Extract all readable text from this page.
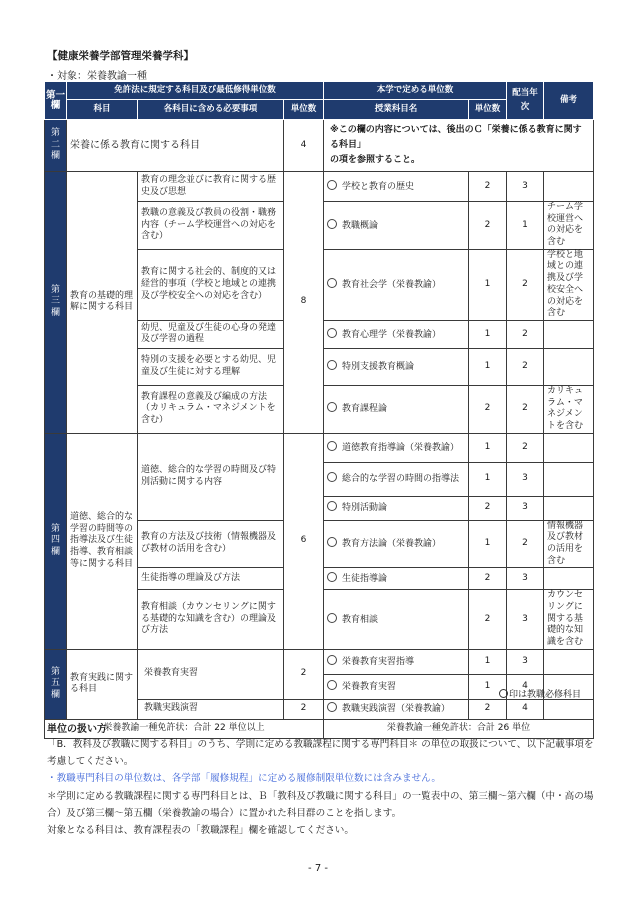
【健康栄養学部管理栄養学科】
・対象：栄養教諭一種
第一欄	免許法に規定する科目及び最低修得単位数			本学で定める単位数		配当年次	備考
	科目	各科目に含める必要事項	単位数	授業科目名	単位数		
第二欄	栄養に係る教育に関する科目		4	※この欄の内容については、後出のＣ「栄養に係る教育に関する科目」
の項を参照すること。			

第三欄	教育の基礎的理解に関する科目	教育の理念並びに教育に関する歴史及び思想	8	学校と教育の歴史	2	3	
		教職の意義及び教員の役割・職務内容（チーム学校運営への対応を含む）		教職概論	2	1	チーム学校運営への対応を含む
		教育に関する社会的、制度的又は経営的事項（学校と地域との連携及び学校安全への対応を含む）		教育社会学（栄養教諭）	1	2	学校と地域との連携及び学校安全への対応を含む
		幼児、児童及び生徒の心身の発達及び学習の過程		教育心理学（栄養教諭）	1	2	
		特別の支援を必要とする幼児、児童及び生徒に対する理解		特別支援教育概論	1	2	
		教育課程の意義及び編成の方法（カリキュラム・マネジメントを含む）		教育課程論	2	2	カリキュラム・マネジメントを含む
第四欄	道徳、総合的な学習の時間等の指導法及び生徒指導、教育相談等に関する科目	道徳、総合的な学習の時間及び特別活動に関する内容	6	道徳教育指導論（栄養教諭）	1	2	
				総合的な学習の時間の指導法	1	3	
				特別活動論	2	3	
		教育の方法及び技術（情報機器及び教材の活用を含む）		教育方法論（栄養教諭）	1	2	情報機器及び教材の活用を含む
		生徒指導の理論及び方法		生徒指導論	2	3	
		教育相談（カウンセリングに関する基礎的な知識を含む）の理論及び方法		教育相談	2	3	カウンセリングに関する基礎的な知識を含む
第五欄	教育実践に関する科目	栄養教育実習	2	栄養教育実習指導	1	3	
				栄養教育実習	1	4	
		教職実践演習	2	教職実践演習（栄養教諭）	2	4	
栄養教諭一種免許状：合計 22 単位以上				栄養教諭一種免許状：合計 26 単位			
印は教職必修科目
単位の扱い方
「B．教科及び教職に関する科目」のうち、学則に定める教職課程に関する専門科目＊ の単位の取扱について、以下記載事項を
考慮してください。
・教職専門科目の単位数は、各学部「履修規程」に定める履修制限単位数には含みません。
＊学則に定める教職課程に関する専門科目とは、Ｂ「教科及び教職に関する科目」の一覧表中の、第三欄〜第六欄（中・高の場
合）及び第三欄〜第五欄（栄養教諭の場合）に置かれた科目群のことを指します。
対象となる科目は、教育課程表の「教職課程」欄を確認してください。
- 7 -
